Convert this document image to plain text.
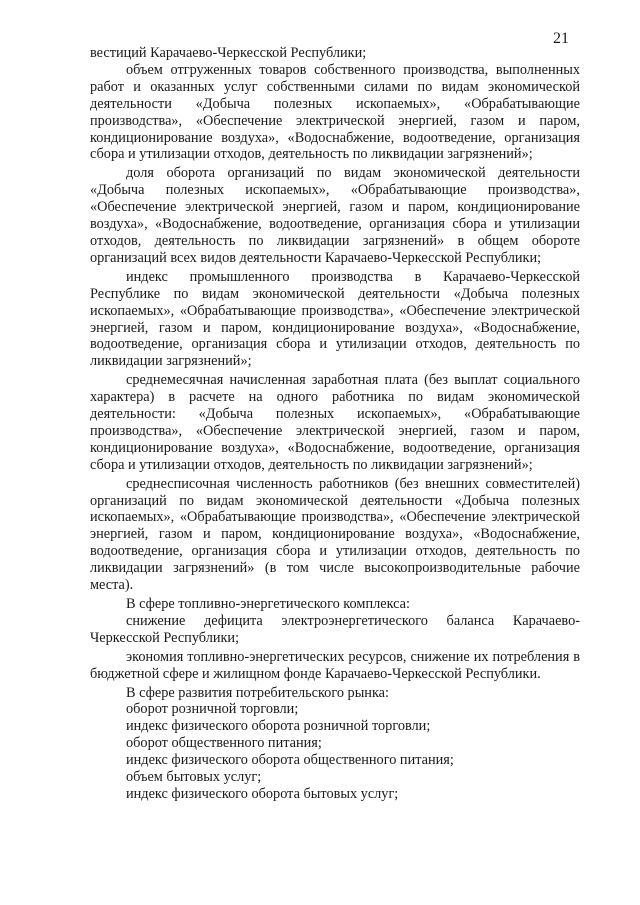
21

вестиций Карачаево-Черкесской Республики;

объем отгруженных товаров собственного производства, выполненных работ и оказанных услуг собственными силами по видам экономической деятельности «Добыча полезных ископаемых», «Обрабатывающие производства», «Обеспечение электрической энергией, газом и паром, кондиционирование воздуха», «Водоснабжение, водоотведение, организация сбора и утилизации отходов, деятельность по ликвидации загрязнений»;

доля оборота организаций по видам экономической деятельности «Добыча полезных ископаемых», «Обрабатывающие производства», «Обеспечение электрической энергией, газом и паром, кондиционирование воздуха», «Водоснабжение, водоотведение, организация сбора и утилизации отходов, деятельность по ликвидации загрязнений» в общем обороте организаций всех видов деятельности Карачаево-Черкесской Республики;

индекс промышленного производства в Карачаево-Черкесской Республике по видам экономической деятельности «Добыча полезных ископаемых», «Обрабатывающие производства», «Обеспечение электрической энергией, газом и паром, кондиционирование воздуха», «Водоснабжение, водоотведение, организация сбора и утилизации отходов, деятельность по ликвидации загрязнений»;

среднемесячная начисленная заработная плата (без выплат социального характера) в расчете на одного работника по видам экономической деятельности: «Добыча полезных ископаемых», «Обрабатывающие производства», «Обеспечение электрической энергией, газом и паром, кондиционирование воздуха», «Водоснабжение, водоотведение, организация сбора и утилизации отходов, деятельность по ликвидации загрязнений»;

среднесписочная численность работников (без внешних совместителей) организаций по видам экономической деятельности «Добыча полезных ископаемых», «Обрабатывающие производства», «Обеспечение электрической энергией, газом и паром, кондиционирование воздуха», «Водоснабжение, водоотведение, организация сбора и утилизации отходов, деятельность по ликвидации загрязнений» (в том числе высокопроизводительные рабочие места).

В сфере топливно-энергетического комплекса:

снижение дефицита электроэнергетического баланса Карачаево-Черкесской Республики;

экономия топливно-энергетических ресурсов, снижение их потребления в бюджетной сфере и жилищном фонде Карачаево-Черкесской Республики.

В сфере развития потребительского рынка:

оборот розничной торговли;

индекс физического оборота розничной торговли;

оборот общественного питания;

индекс физического оборота общественного питания;

объем бытовых услуг;

индекс физического оборота бытовых услуг;
